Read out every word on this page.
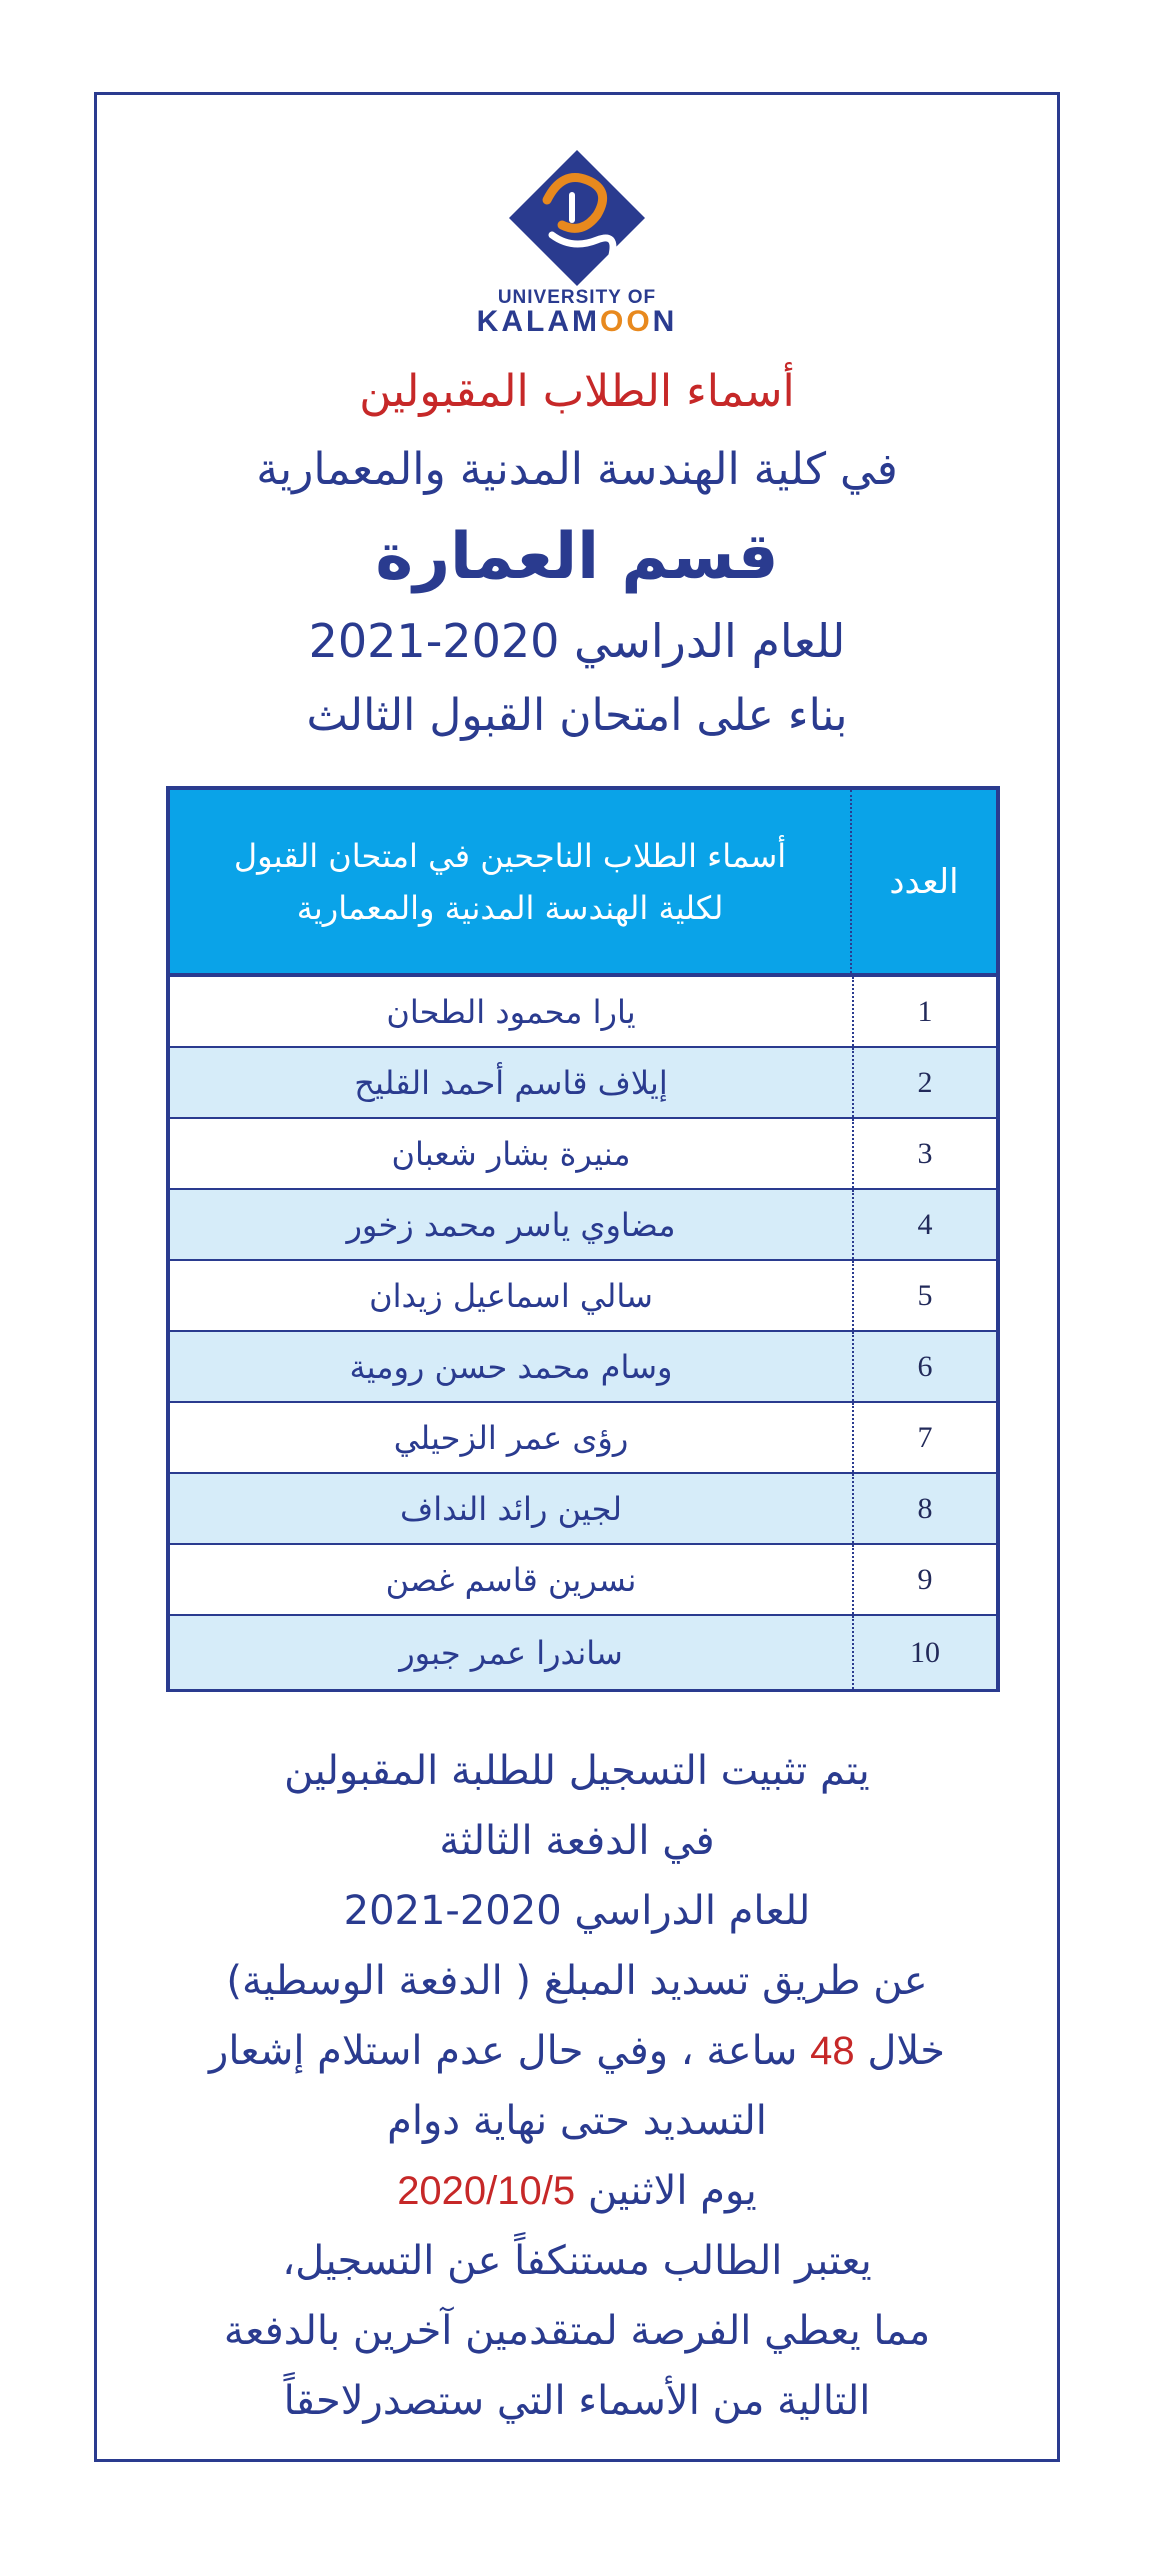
UNIVERSITY OF
KALAMOON
أسماء الطلاب المقبولين
في كلية الهندسة المدنية والمعمارية
قسم العمارة
للعام الدراسي 2020-2021
بناء على امتحان القبول الثالث
العدد
أسماء الطلاب الناجحين في امتحان القبول
لكلية الهندسة المدنية والمعمارية
1
يارا محمود الطحان
2
إيلاف قاسم أحمد القليح
3
منيرة بشار شعبان
4
مضاوي ياسر محمد زخور
5
سالي اسماعيل زيدان
6
وسام محمد حسن رومية
7
رؤى عمر الزحيلي
8
لجين رائد النداف
9
نسرين قاسم غصن
10
ساندرا عمر جبور
يتم تثبيت التسجيل للطلبة المقبولين
في الدفعة الثالثة
للعام الدراسي 2020-2021
عن طريق تسديد المبلغ ( الدفعة الوسطية)
خلال 48 ساعة ، وفي حال عدم استلام إشعار
التسديد حتى نهاية دوام
يوم الاثنين 2020/10/5
يعتبر الطالب مستنكفاً عن التسجيل،
مما يعطي الفرصة لمتقدمين آخرين بالدفعة
التالية من الأسماء التي ستصدرلاحقاً
